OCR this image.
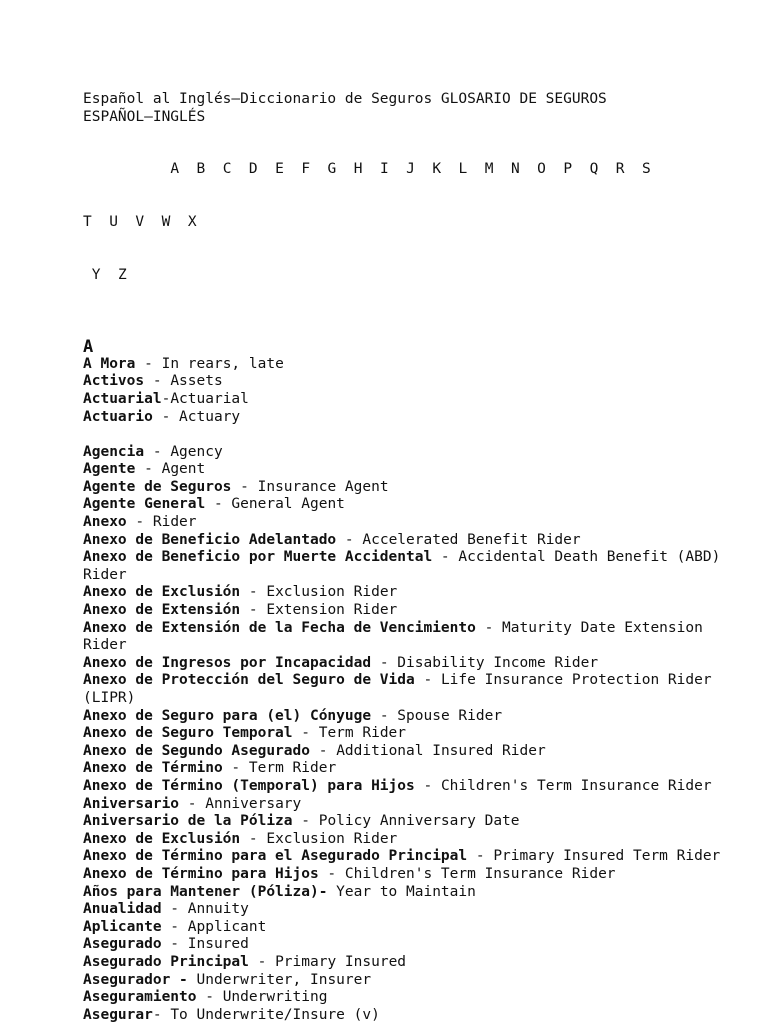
Español al Inglés—Diccionario de Seguros GLOSARIO DE SEGUROS
ESPAÑOL—INGLÉS

A B C D E F G H I J K L M N O P Q R S

T U V W X

Y Z

A
A Mora - In rears, late
Activos - Assets
Actuarial-Actuarial
Actuario - Actuary
Agencia - Agency
Agente - Agent
Agente de Seguros - Insurance Agent
Agente General - General Agent
Anexo - Rider
Anexo de Beneficio Adelantado - Accelerated Benefit Rider
Anexo de Beneficio por Muerte Accidental - Accidental Death Benefit (ABD) Rider
Anexo de Exclusión - Exclusion Rider
Anexo de Extensión - Extension Rider
Anexo de Extensión de la Fecha de Vencimiento - Maturity Date Extension Rider
Anexo de Ingresos por Incapacidad - Disability Income Rider
Anexo de Protección del Seguro de Vida - Life Insurance Protection Rider (LIPR)
Anexo de Seguro para (el) Cónyuge - Spouse Rider
Anexo de Seguro Temporal - Term Rider
Anexo de Segundo Asegurado - Additional Insured Rider
Anexo de Término - Term Rider
Anexo de Término (Temporal) para Hijos - Children's Term Insurance Rider
Aniversario - Anniversary
Aniversario de la Póliza - Policy Anniversary Date
Anexo de Exclusión - Exclusion Rider
Anexo de Término para el Asegurado Principal - Primary Insured Term Rider
Anexo de Término para Hijos - Children's Term Insurance Rider
Años para Mantener (Póliza)- Year to Maintain
Anualidad - Annuity
Aplicante - Applicant
Asegurado - Insured
Asegurado Principal - Primary Insured
Asegurador - Underwriter, Insurer
Aseguramiento - Underwriting
Asegurar- To Underwrite/Insure (v)
